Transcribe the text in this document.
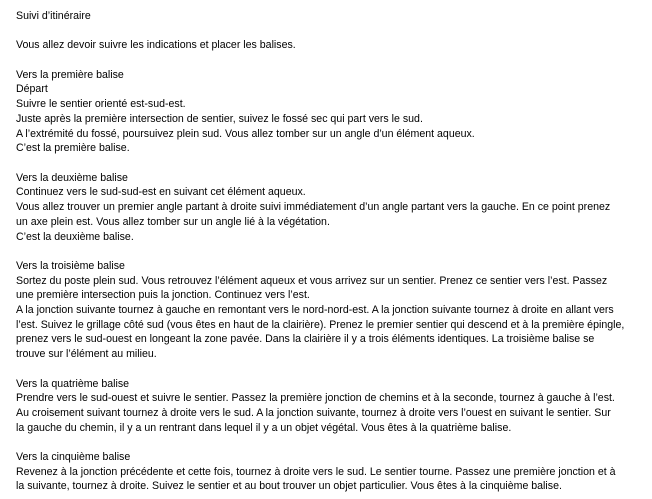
Suivi d’itinéraire
Vous allez devoir suivre les indications et placer les balises.
Vers la première balise
Départ
Suivre le sentier orienté est-sud-est.
Juste après la première intersection de sentier, suivez le fossé sec qui part vers le sud.
A l’extrémité du fossé, poursuivez plein sud. Vous allez tomber sur un angle d’un élément aqueux.
C’est la première balise.
Vers la deuxième balise
Continuez vers le sud-sud-est en suivant cet élément aqueux.
Vous allez trouver un premier angle partant à droite suivi immédiatement d’un angle partant vers la gauche. En ce point prenez
un axe plein est. Vous allez tomber sur un angle lié à la végétation.
C’est la deuxième balise.
Vers la troisième balise
Sortez du poste plein sud. Vous retrouvez l’élément aqueux et vous arrivez sur un sentier. Prenez ce sentier vers l’est. Passez
une première intersection puis la jonction. Continuez vers l’est.
A la jonction suivante tournez à gauche en remontant vers le nord-nord-est. A la jonction suivante tournez à droite en allant vers
l’est. Suivez le grillage côté sud (vous êtes en haut de la clairière). Prenez le premier sentier qui descend et à la première épingle,
prenez vers le sud-ouest en longeant la zone pavée. Dans la clairière il y a trois éléments identiques. La troisième balise se
trouve sur l’élément au milieu.
Vers la quatrième balise
Prendre vers le sud-ouest et suivre le sentier. Passez la première jonction de chemins et à la seconde, tournez à gauche à l’est.
Au croisement suivant tournez à droite vers le sud. A la jonction suivante, tournez à droite vers l’ouest en suivant le sentier. Sur
la gauche du chemin, il y a un rentrant dans lequel il y a un objet végétal. Vous êtes à la quatrième balise.
Vers la cinquième balise
Revenez à la jonction précédente et cette fois, tournez à droite vers le sud. Le sentier tourne. Passez une première jonction et à
la suivante, tournez à droite. Suivez le sentier et au bout trouver un objet particulier. Vous êtes à la cinquième balise.
